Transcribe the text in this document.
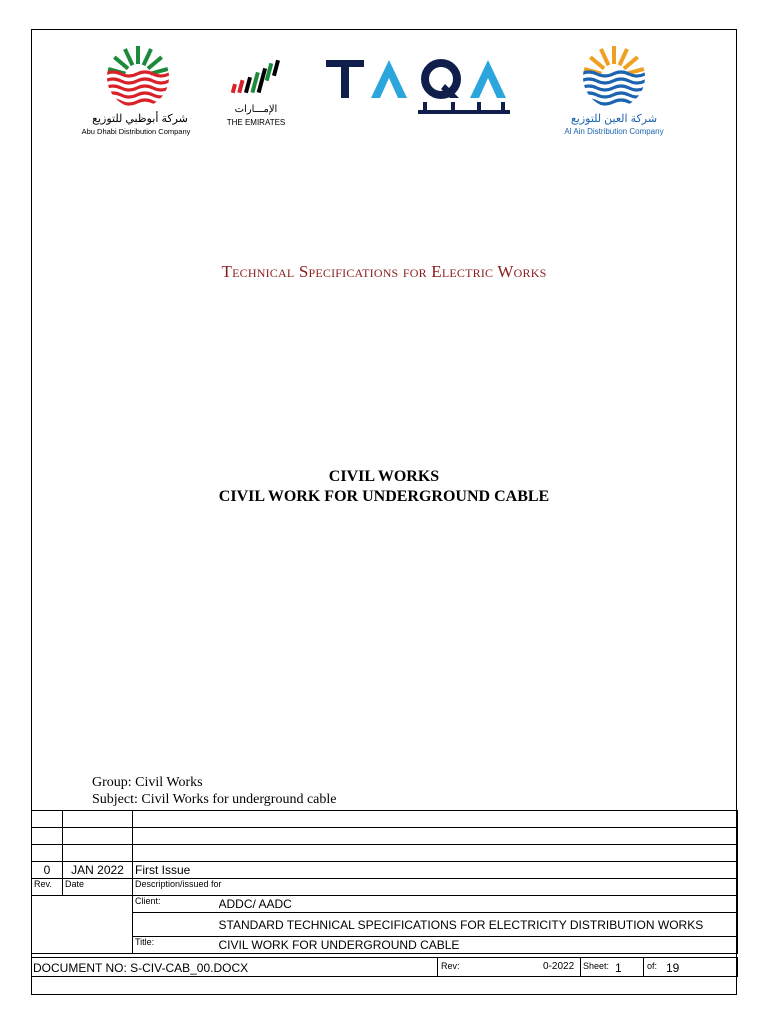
شركة أبوظبي للتوزيع
Abu Dhabi Distribution Company
الإمـــارات
THE EMIRATES	شركة العين للتوزيع
Al Ain Distribution Company
Technical Specifications for Electric Works
CIVIL WORKS
CIVIL WORK FOR UNDERGROUND CABLE
Group: Civil Works
Subject: Civil Works for underground cable

0	JAN 2022	First Issue	
Rev.	Date	Description/issued for	
		Client:	ADDC/ AADC
			STANDARD TECHNICAL SPECIFICATIONS FOR ELECTRICITY DISTRIBUTION WORKS
		Title:	CIVIL WORK FOR UNDERGROUND CABLE
DOCUMENT NO: S-CIV-CAB_00.DOCX	Rev:	0-2022 Sheet: 1	of: 19
